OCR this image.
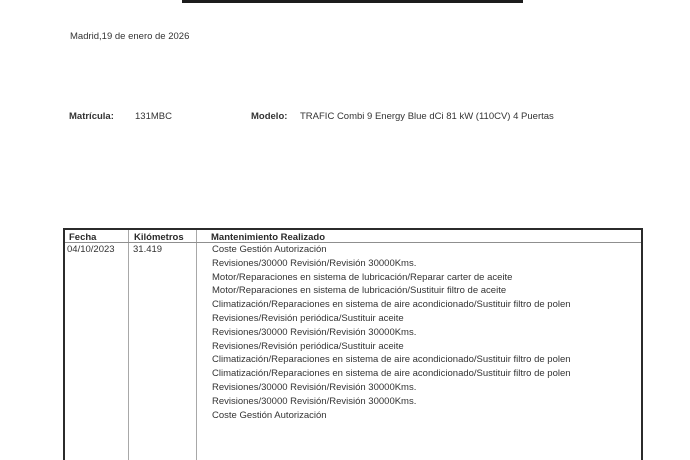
Madrid,19 de enero de 2026
Matrícula: 131MBC	Modelo: TRAFIC Combi 9 Energy Blue dCi 81 kW (110CV) 4 Puertas
Fecha	Kilómetros	Mantenimiento Realizado
04/10/2023 31.419	Coste Gestión Autorización
Revisiones/30000 Revisión/Revisión 30000Kms.
Motor/Reparaciones en sistema de lubricación/Reparar carter de aceite
Motor/Reparaciones en sistema de lubricación/Sustituir filtro de aceite
Climatización/Reparaciones en sistema de aire acondicionado/Sustituir filtro de polen
Revisiones/Revisión periódica/Sustituir aceite
Revisiones/30000 Revisión/Revisión 30000Kms.
Revisiones/Revisión periódica/Sustituir aceite
Climatización/Reparaciones en sistema de aire acondicionado/Sustituir filtro de polen
Climatización/Reparaciones en sistema de aire acondicionado/Sustituir filtro de polen
Revisiones/30000 Revisión/Revisión 30000Kms.
Revisiones/30000 Revisión/Revisión 30000Kms.
Coste Gestión Autorización
